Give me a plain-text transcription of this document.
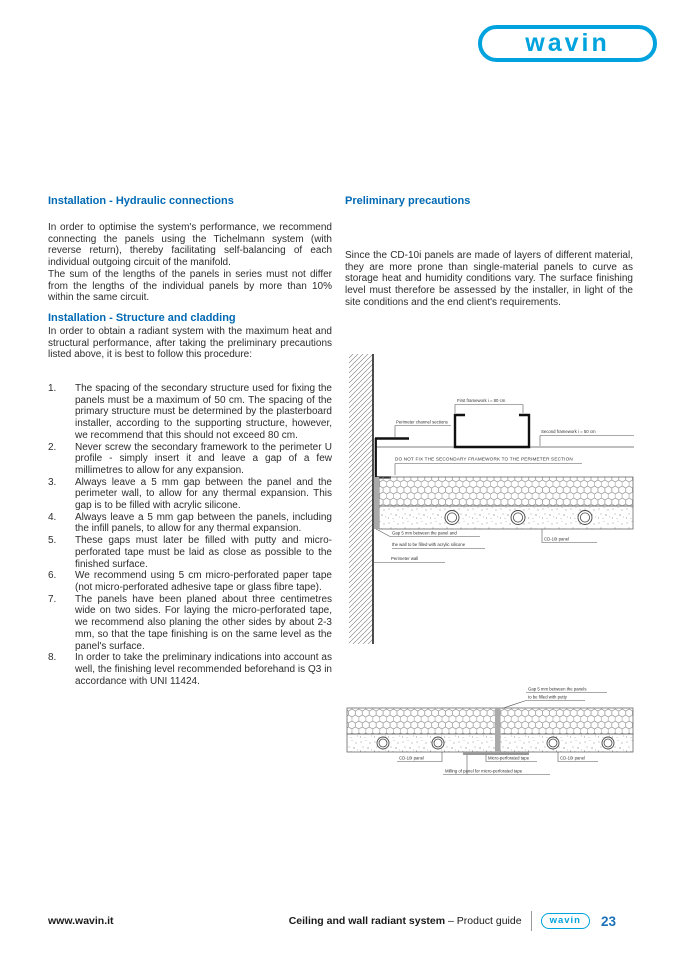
wavin
Installation - Hydraulic connections

In order to optimise the system's performance, we recommend connecting the panels using the Tichelmann system (with reverse return), thereby facilitating self-balancing of each individual outgoing circuit of the manifold.

The sum of the lengths of the panels in series must not differ from the lengths of the individual panels by more than 10% within the same circuit.

Installation - Structure and cladding

In order to obtain a radiant system with the maximum heat and structural performance, after taking the preliminary precautions listed above, it is best to follow this procedure:

1.	The spacing of the secondary structure used for fixing the panels must be a maximum of 50 cm. The spacing of the primary structure must be determined by the plasterboard installer, according to the supporting structure, however, we recommend that this should not exceed 80 cm.
2.	Never screw the secondary framework to the perimeter U profile - simply insert it and leave a gap of a few millimetres to allow for any expansion.
3.	Always leave a 5 mm gap between the panel and the perimeter wall, to allow for any thermal expansion. This gap is to be filled with acrylic silicone.
4.	Always leave a 5 mm gap between the panels, including the infill panels, to allow for any thermal expansion.
5.	These gaps must later be filled with putty and micro-perforated tape must be laid as close as possible to the finished surface.
6.	We recommend using 5 cm micro-perforated paper tape (not micro-perforated adhesive tape or glass fibre tape).
7.	The panels have been planed about three centimetres wide on two sides. For laying the micro-perforated tape, we recommend also planing the other sides by about 2-3 mm, so that the tape finishing is on the same level as the panel's surface.
8.	In order to take the preliminary indications into account as well, the finishing level recommended beforehand is Q3 in accordance with UNI 11424.
Preliminary precautions

Since the CD-10i panels are made of layers of different material, they are more prone than single-material panels to curve as storage heat and humidity conditions vary. The surface finishing level must therefore be assessed by the installer, in light of the site conditions and the end client's requirements.

First framework i = 80 cm
Perimeter channel sections
Second framework i = 50 cm
DO NOT FIX THE SECONDARY FRAMEWORK TO THE PERIMETER SECTION
Gap 5 mm between the panel and
the wall to be filled with acrylic silicone
CD-10i panel
Perimeter wall
Gap 5 mm between the panels
to be filled with putty
CD-10i panel	Micro-perforated tape	CD-10i panel
Milling of panel for micro-perforated tape
www.wavin.it	Ceiling and wall radiant system – Product guide	wavin	23
